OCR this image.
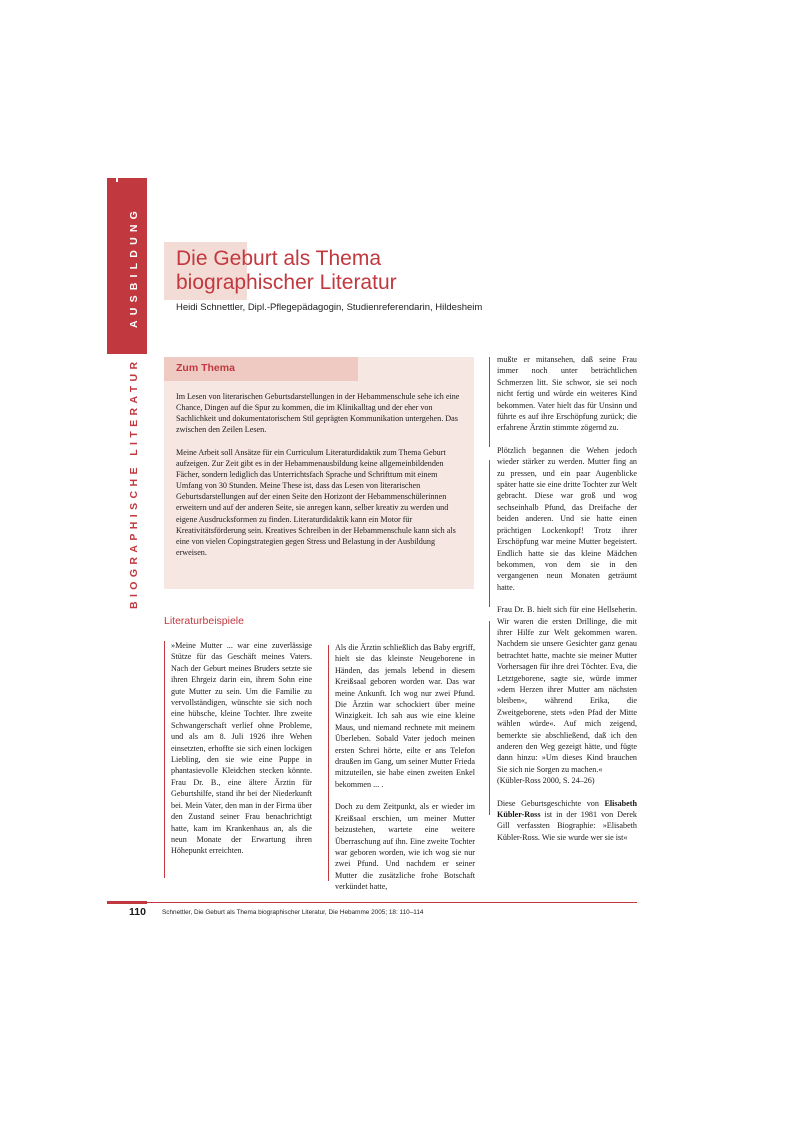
AUSBILDUNG
BIOGRAPHISCHE LITERATUR
Die Geburt als Thema
biographischer Literatur
Heidi Schnettler, Dipl.-Pflegepädagogin, Studienreferendarin, Hildesheim
Zum Thema

Im Lesen von literarischen Geburtsdarstellungen in der Hebammenschule sehe ich eine Chance, Dingen auf die Spur zu kommen, die im Klinikalltag und der eher von Sachlichkeit und dokumentatorischem Stil geprägten Kommunikation untergehen. Das zwischen den Zeilen Lesen.

Meine Arbeit soll Ansätze für ein Curriculum Literaturdidaktik zum Thema Geburt aufzeigen. Zur Zeit gibt es in der Hebammenausbildung keine allgemeinbildenden Fächer, sondern lediglich das Unterrichtsfach Sprache und Schrifttum mit einem Umfang von 30 Stunden. Meine These ist, dass das Lesen von literarischen Geburtsdarstellungen auf der einen Seite den Horizont der Hebammenschülerinnen erweitern und auf der anderen Seite, sie anregen kann, selber kreativ zu werden und eigene Ausdrucksformen zu finden. Literaturdidaktik kann ein Motor für Kreativitätsförderung sein. Kreatives Schreiben in der Hebammenschule kann sich als eine von vielen Copingstrategien gegen Stress und Belastung in der Ausbildung erweisen.

Literaturbeispiele

»Meine Mutter ... war eine zuverlässige Stütze für das Geschäft meines Vaters. Nach der Geburt meines Bruders setzte sie ihren Ehrgeiz darin ein, ihrem Sohn eine gute Mutter zu sein. Um die Familie zu vervollständigen, wünschte sie sich noch eine hübsche, kleine Tochter. Ihre zweite Schwangerschaft verlief ohne Probleme, und als am 8. Juli 1926 ihre Wehen einsetzten, erhoffte sie sich einen lockigen Liebling, den sie wie eine Puppe in phantasievolle Kleidchen stecken könnte. Frau Dr. B., eine ältere Ärztin für Geburtshilfe, stand ihr bei der Niederkunft bei. Mein Vater, den man in der Firma über den Zustand seiner Frau benachrichtigt hatte, kam im Krankenhaus an, als die neun Monate der Erwartung ihren Höhepunkt erreichten.

Als die Ärztin schließlich das Baby ergriff, hielt sie das kleinste Neugeborene in Händen, das jemals lebend in diesem Kreißsaal geboren worden war. Das war meine Ankunft. Ich wog nur zwei Pfund. Die Ärztin war schockiert über meine Winzigkeit. Ich sah aus wie eine kleine Maus, und niemand rechnete mit meinem Überleben. Sobald Vater jedoch meinen ersten Schrei hörte, eilte er ans Telefon draußen im Gang, um seiner Mutter Frieda mitzuteilen, sie habe einen zweiten Enkel bekommen ... .

Doch zu dem Zeitpunkt, als er wieder im Kreißsaal erschien, um meiner Mutter beizustehen, wartete eine weitere Überraschung auf ihn. Eine zweite Tochter war geboren worden, wie ich wog sie nur zwei Pfund. Und nachdem er seiner Mutter die zusätzliche frohe Botschaft verkündet hatte,

mußte er mitansehen, daß seine Frau immer noch unter beträchtlichen Schmerzen litt. Sie schwor, sie sei noch nicht fertig und würde ein weiteres Kind bekommen. Vater hielt das für Unsinn und führte es auf ihre Erschöpfung zurück; die erfahrene Ärztin stimmte zögernd zu.

Plötzlich begannen die Wehen jedoch wieder stärker zu werden. Mutter fing an zu pressen, und ein paar Augenblicke später hatte sie eine dritte Tochter zur Welt gebracht. Diese war groß und wog sechseinhalb Pfund, das Dreifache der beiden anderen. Und sie hatte einen prächtigen Lockenkopf! Trotz ihrer Erschöpfung war meine Mutter begeistert. Endlich hatte sie das kleine Mädchen bekommen, von dem sie in den vergangenen neun Monaten geträumt hatte.

Frau Dr. B. hielt sich für eine Hellseherin. Wir waren die ersten Drillinge, die mit ihrer Hilfe zur Welt gekommen waren. Nachdem sie unsere Gesichter ganz genau betrachtet hatte, machte sie meiner Mutter Vorhersagen für ihre drei Töchter. Eva, die Letztgeborene, sagte sie, würde immer »dem Herzen ihrer Mutter am nächsten bleiben«, während Erika, die Zweitgeborene, stets »den Pfad der Mitte wählen würde«. Auf mich zeigend, bemerkte sie abschließend, daß ich den anderen den Weg gezeigt hätte, und fügte dann hinzu: »Um dieses Kind brauchen Sie sich nie Sorgen zu machen.«

(Kübler-Ross 2000, S. 24–26)

Diese Geburtsgeschichte von Elisabeth Kübler-Ross ist in der 1981 von Derek Gill verfassten Biographie: »Elisabeth Kübler-Ross. Wie sie wurde wer sie ist«

110	Schnettler, Die Geburt als Thema biographischer Literatur, Die Hebamme 2005; 18: 110–114
